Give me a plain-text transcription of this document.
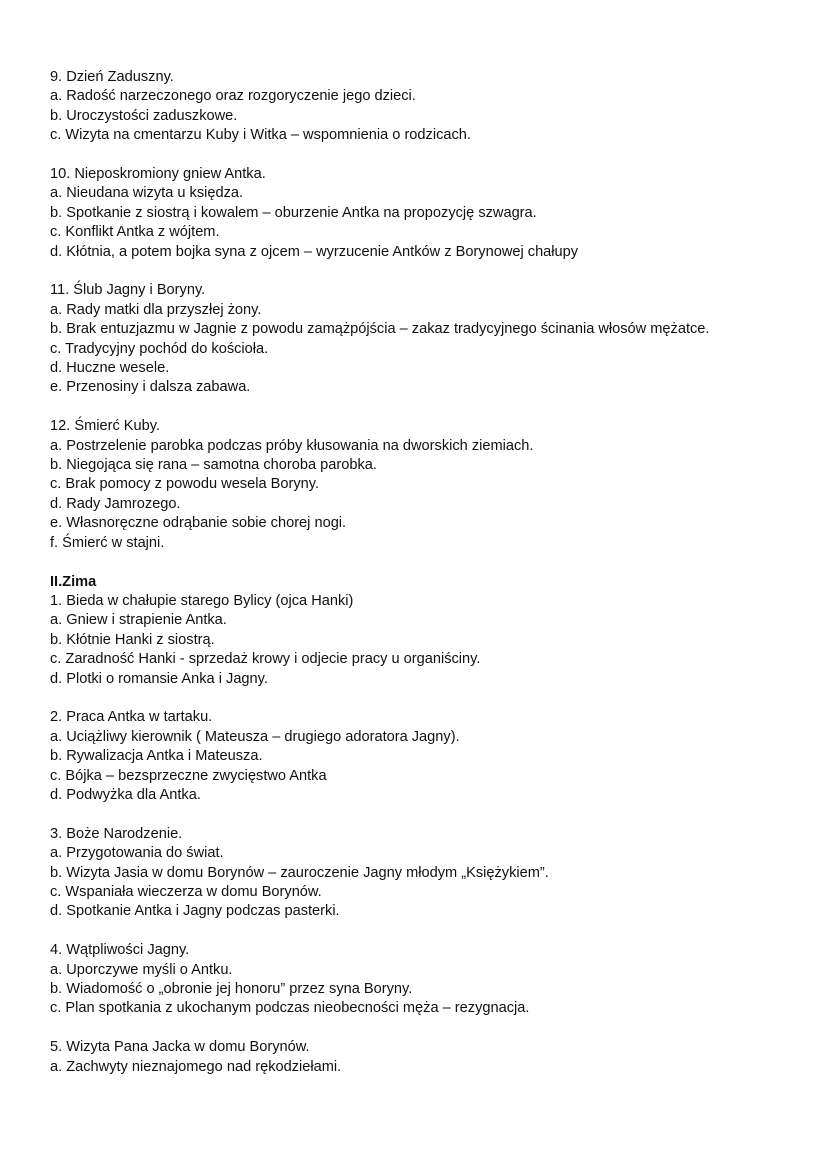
9. Dzień Zaduszny.
a. Radość narzeczonego oraz rozgoryczenie jego dzieci.
b. Uroczystości zaduszkowe.
c. Wizyta na cmentarzu Kuby i Witka – wspomnienia o rodzicach.
10. Nieposkromiony gniew Antka.
a. Nieudana wizyta u księdza.
b. Spotkanie z siostrą i kowalem – oburzenie Antka na propozycję szwagra.
c. Konflikt Antka z wójtem.
d. Kłótnia, a potem bojka syna z ojcem – wyrzucenie Antków z Borynowej chałupy
11. Ślub Jagny i Boryny.
a. Rady matki dla przyszłej żony.
b. Brak entuzjazmu w Jagnie z powodu zamążpójścia – zakaz tradycyjnego ścinania włosów mężatce.
c. Tradycyjny pochód do kościoła.
d. Huczne wesele.
e. Przenosiny i dalsza zabawa.
12. Śmierć Kuby.
a. Postrzelenie parobka podczas próby kłusowania na dworskich ziemiach.
b. Niegojąca się rana – samotna choroba parobka.
c. Brak pomocy z powodu wesela Boryny.
d. Rady Jamrozego.
e. Własnoręczne odrąbanie sobie chorej nogi.
f. Śmierć w stajni.
II.Zima
1. Bieda w chałupie starego Bylicy (ojca Hanki)
a. Gniew i strapienie Antka.
b. Kłótnie Hanki z siostrą.
c. Zaradność Hanki - sprzedaż krowy i odjecie pracy u organiściny.
d. Plotki o romansie Anka i Jagny.
2. Praca Antka w tartaku.
a. Uciążliwy kierownik ( Mateusza – drugiego adoratora Jagny).
b. Rywalizacja Antka i Mateusza.
c. Bójka – bezsprzeczne zwycięstwo Antka
d. Podwyżka dla Antka.
3. Boże Narodzenie.
a. Przygotowania do świat.
b. Wizyta Jasia w domu Borynów – zauroczenie Jagny młodym „Księżykiem”.
c. Wspaniała wieczerza w domu Borynów.
d. Spotkanie Antka i Jagny podczas pasterki.
4. Wątpliwości Jagny.
a. Uporczywe myśli o Antku.
b. Wiadomość o „obronie jej honoru” przez syna Boryny.
c. Plan spotkania z ukochanym podczas nieobecności męża – rezygnacja.
5. Wizyta Pana Jacka w domu Borynów.
a. Zachwyty nieznajomego nad rękodziełami.
